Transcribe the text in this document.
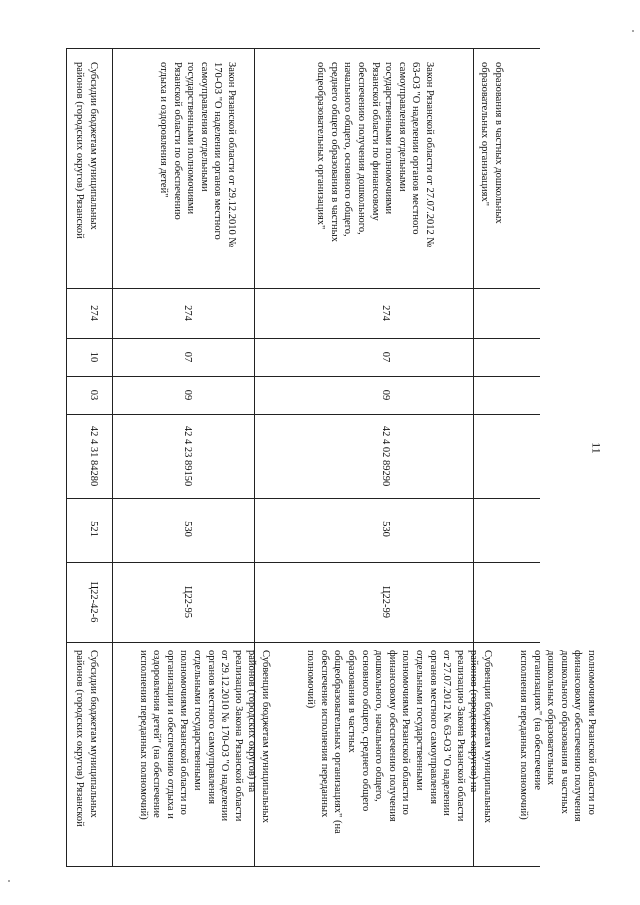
11
образования в частных дошкольных
образовательных организациях"
полномочиями Рязанской области по
финансовому обеспечению получения
дошкольного образования в частных
дошкольных образовательных
организациях" (на обеспечение
исполнения переданных полномочий)
Закон Рязанской области от 27.07.2012 №
63-ОЗ "О наделении органов местного
самоуправления отдельными
государственными полномочиями
Рязанской области по финансовому
обеспечению получения дошкольного,
начального общего, основного общего,
среднего общего образования в частных
общеобразовательных организациях"
274
07
09
42 4 02 89290
530
Ц22-99
Субвенции бюджетам муниципальных
районов (городских округов) на
реализацию Закона Рязанской области
от 27.07.2012 № 63-ОЗ "О наделении
органов местного самоуправления
отдельными государственными
полномочиями Рязанской области по
финансовому обеспечению получения
дошкольного, начального общего,
основного общего, среднего общего
образования в частных
общеобразовательных организациях" (на
обеспечение исполнения переданных
полномочий)
Закон Рязанской области от 29.12.2010 №
170-ОЗ "О наделении органов местного
самоуправления отдельными
государственными полномочиями
Рязанской области по обеспечению
отдыха и оздоровления детей"
274
07
09
42 4 23 89150
530
Ц22-95
Субвенции бюджетам муниципальных
районов (городских округов) на
реализацию Закона Рязанской области
от 29.12.2010 № 170-ОЗ "О наделении
органов местного самоуправления
отдельными государственными
полномочиями Рязанской области по
организации и обеспечению отдыха и
оздоровления детей" (на обеспечение
исполнения переданных полномочий)
Субсидии бюджетам муниципальных
районов (городских округов) Рязанской
274
10
03
42 4 31 84280
521
Ц22-42-6
Субсидии бюджетам муниципальных
районов (городских округов) Рязанской
